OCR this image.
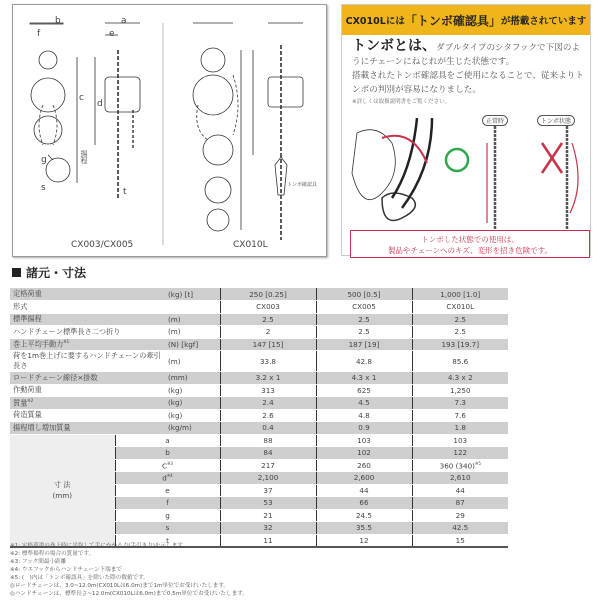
b	a
c
d
e
f
g
s	t
揚程
トンボ確認具
CX003/CX005	CX010L
CX010Lには 「トンボ確認具」 が搭載されています
トンボとは、ダブルタイプのシタフックで下図のようにチェーンにねじれが生じた状態です。
搭載されたトンボ確認具をご使用になることで、従来よりトンボの判別が容易になりました。
※詳しくは取扱説明書をご覧ください。
正常時	トンボ状態
トンボした状態での使用は、
製品やチェーンへのキズ、変形を招き危険です。
諸元・寸法
定格荷重		(kg) [t]	250 [0.25]	500 [0.5]	1,000 [1.0]
形式			CX003	CX005	CX010L
標準揚程		(m)	2.5	2.5	2.5
ハンドチェーン標準長さ二つ折り		(m)	2	2.5	2.5
巻上平均手動力$^{※1}$		(N) [kgf]	147 [15]	187 [19]	193 [19.7]
荷を1m巻上げに要するハンドチェーンの牽引長さ		(m)	33.8	42.8	85.6
ロードチェーン線径×掛数		(mm)	3.2 x 1	4.3 x 1	4.3 x 2
作動荷重		(kg)	313	625	1,250
質量$^{※2}$		(kg)	2.4	4.5	7.3
荷造質量		(kg)	2.6	4.8	7.6
揚程増し増加質量		(kg/m)	0.4	0.9	1.8
寸 法
(mm)	a		88	103	103
	b		84	102	122
	$C^{※3}$		217	260	360 $(340)^{※5}$
	$d^{※4}$		2,100	2,600	2,610
	e		37	44	44
	f		53	66	87
	g		21	24.5	29
	s		32	35.5	42.5
	t		11	12	15
※1: 定格荷重の巻上時に平均して手にかかる力(手引き力)を示します。
※2: 標準揚程の場合の質量です。
※3: フック間最小距離
※4: ウエフックからハンドチェーン下端まで
※5: (　)内は「トンボ確認具」を除いた際の数値です。
◎ロードチェーンは、3.0~12.0m(CX010Lは6.0m)まで1m単位でお受けいたします。
◎ハンドチェーンは、標準長さ~12.0m(CX010Lは6.0m)まで0.5m単位でお受けいたします。
